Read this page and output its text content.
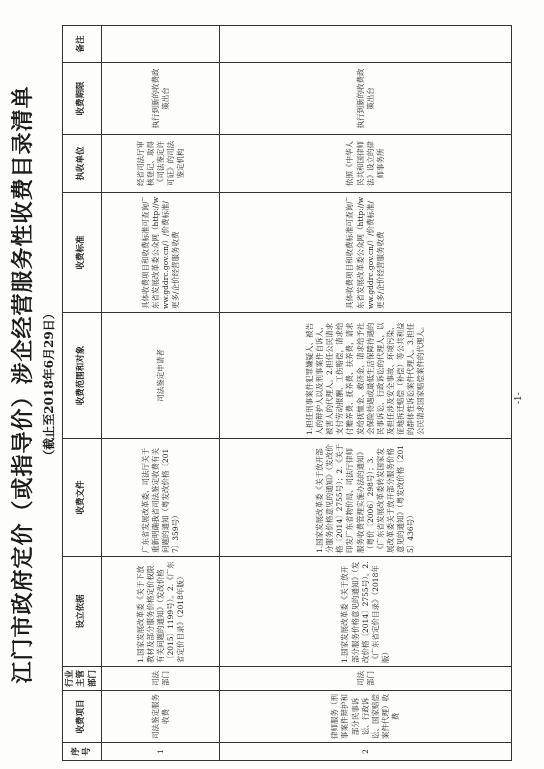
江门市政府定价（或指导价）涉企经营服务性收费目录清单 （截止至2018年6月29日）
序号	收费项目	行业主管部门	设立依据	收费文件	收费范围和对象	收费标准	执收单位	收费期限	备注
1	司法鉴定服务收费	司法部门	1.国家发展改革委《关于下放教材及部分服务价格定价权限有关问题的通知》（发改价格〔2015〕1199号）。2.《广东省定价目录》（2018年版）	广东省发展改革委、司法厅关于重新明确我省司法鉴定收费有关问题的通知（粤发改价格〔2017〕359号）	司法鉴定申请者	具体收费项目和收费标准可查询广东省发展改革委公众网（http://www.gddrc.gov.cn/）/价费标准/更多/企价经营服务收费	经省司法厅审核登记、取得《司法鉴定许可证》的司法鉴定机构	执行到新的收费政策出台	
2	律师服务（刑事案件辩护和部分民事诉讼、行政诉讼、国家赔偿案件代理）收费	司法部门	1.国家发展改革委《关于放开部分服务价格意见的通知》（发改价格〔2014〕2755号）。2.《广东省定价目录》（2018年版）	1.国家发展改革委《关于放开部分服务价格意见的通知》（发改价格〔2014〕2755号）；2.《关于印发广东省物价局、司法厅律师服务收费管理实施办法的通知》（粤价〔2006〕298号）；3.《广东省发展改革委转发国家发展改革委关于放开部分服务价格意见的通知》（粤发改价格〔2015〕436号）	1.担任刑事案件犯罪嫌疑人、被告人的辩护人以及刑事案件自诉人、被害人的代理人。2.担任公民请求支付劳动报酬、工伤赔偿，请求给付赡养费、抚养费、扶养费，请求发给抚恤金、救济金，请求给予社会保险待遇或最低生活保障待遇的民事诉讼、行政诉讼的代理人，以及担任涉及安全事故、环境污染、征地拆迁赔偿（补偿）等公共利益的群体性诉讼案件代理人。3.担任公民请求国家赔偿案件的代理人。	具体收费项目和收费标准可查询广东省发展改革委公众网（http://www.gddrc.gov.cn/）/价费标准/更多/企价经营服务收费	依照《中华人民共和国律师法》设立的律师事务所	执行到新的收费政策出台	
-1-
